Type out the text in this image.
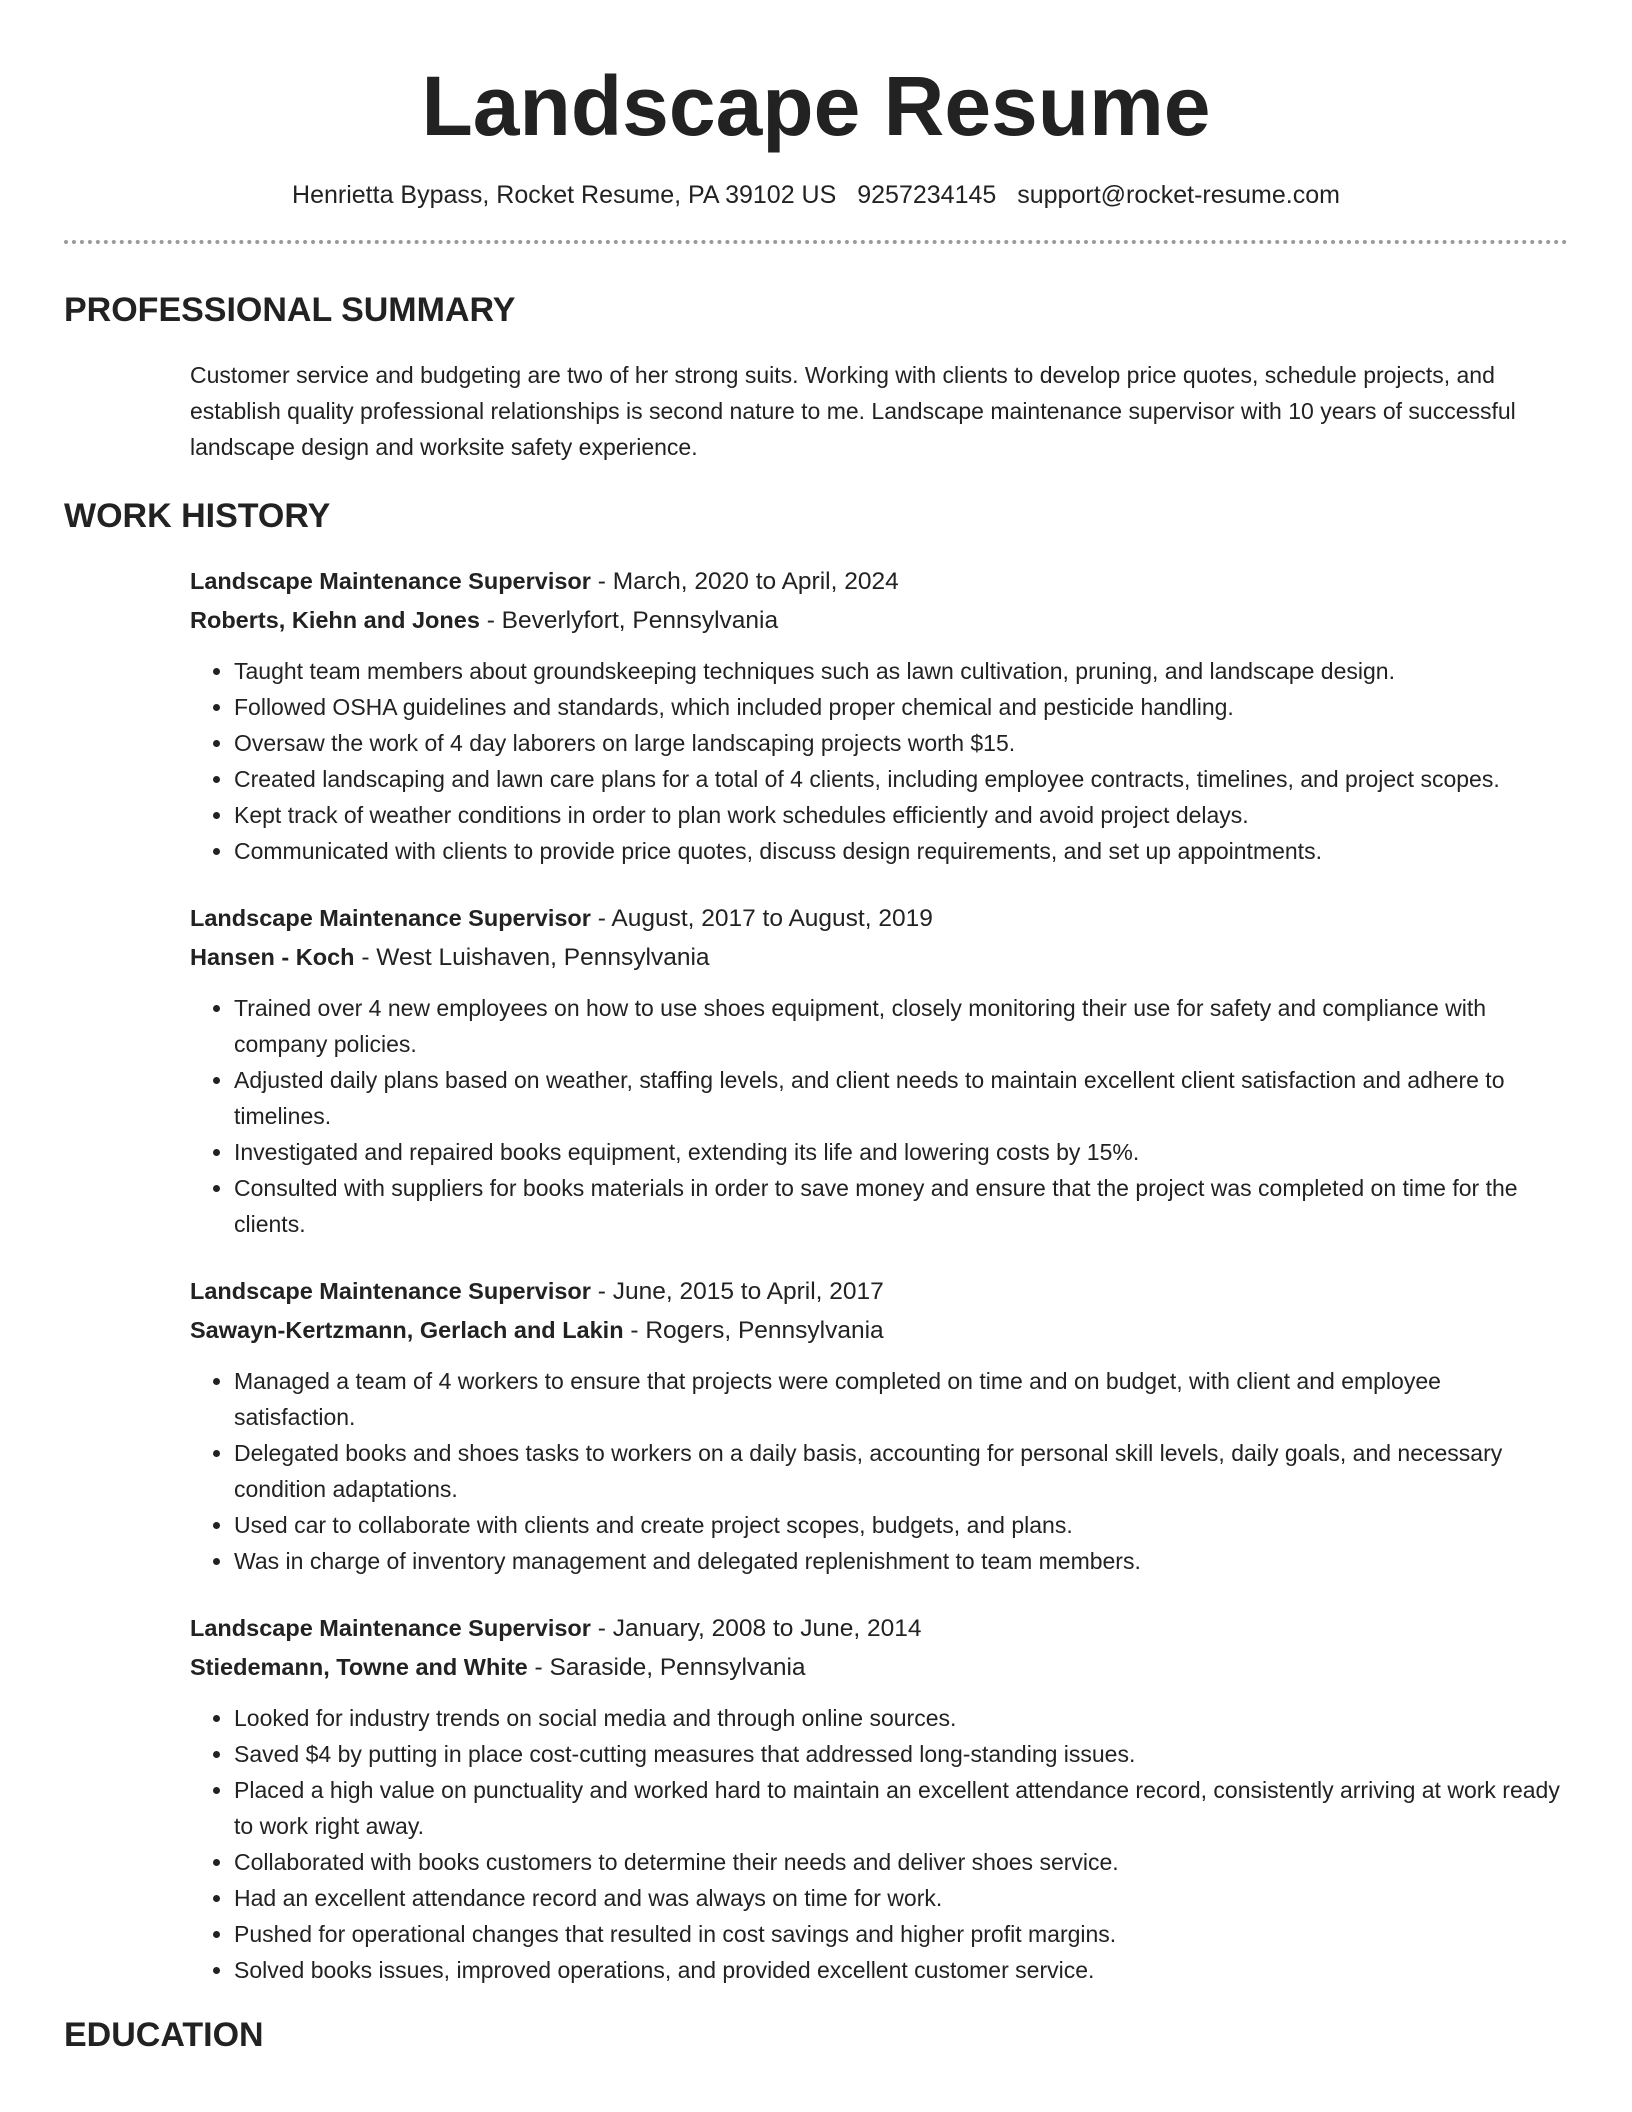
Landscape Resume
Henrietta Bypass, Rocket Resume, PA 39102 US 9257234145 support@rocket-resume.com
PROFESSIONAL SUMMARY

Customer service and budgeting are two of her strong suits. Working with clients to develop price quotes, schedule projects, and establish quality professional relationships is second nature to me. Landscape maintenance supervisor with 10 years of successful landscape design and worksite safety experience.

WORK HISTORY
Landscape Maintenance Supervisor - March, 2020 to April, 2024
Roberts, Kiehn and Jones - Beverlyfort, Pennsylvania
• Taught team members about groundskeeping techniques such as lawn cultivation, pruning, and landscape design.
• Followed OSHA guidelines and standards, which included proper chemical and pesticide handling.
• Oversaw the work of 4 day laborers on large landscaping projects worth $15.
• Created landscaping and lawn care plans for a total of 4 clients, including employee contracts, timelines, and project scopes.
• Kept track of weather conditions in order to plan work schedules efficiently and avoid project delays.
• Communicated with clients to provide price quotes, discuss design requirements, and set up appointments.
Landscape Maintenance Supervisor - August, 2017 to August, 2019
Hansen - Koch - West Luishaven, Pennsylvania
• Trained over 4 new employees on how to use shoes equipment, closely monitoring their use for safety and compliance with company policies.
• Adjusted daily plans based on weather, staffing levels, and client needs to maintain excellent client satisfaction and adhere to timelines.
• Investigated and repaired books equipment, extending its life and lowering costs by 15%.
• Consulted with suppliers for books materials in order to save money and ensure that the project was completed on time for the clients.
Landscape Maintenance Supervisor - June, 2015 to April, 2017
Sawayn-Kertzmann, Gerlach and Lakin - Rogers, Pennsylvania
• Managed a team of 4 workers to ensure that projects were completed on time and on budget, with client and employee satisfaction.
• Delegated books and shoes tasks to workers on a daily basis, accounting for personal skill levels, daily goals, and necessary condition adaptations.
• Used car to collaborate with clients and create project scopes, budgets, and plans.
• Was in charge of inventory management and delegated replenishment to team members.
Landscape Maintenance Supervisor - January, 2008 to June, 2014
Stiedemann, Towne and White - Saraside, Pennsylvania
• Looked for industry trends on social media and through online sources.
• Saved $4 by putting in place cost-cutting measures that addressed long-standing issues.
• Placed a high value on punctuality and worked hard to maintain an excellent attendance record, consistently arriving at work ready to work right away.
• Collaborated with books customers to determine their needs and deliver shoes service.
• Had an excellent attendance record and was always on time for work.
• Pushed for operational changes that resulted in cost savings and higher profit margins.
• Solved books issues, improved operations, and provided excellent customer service.
EDUCATION
